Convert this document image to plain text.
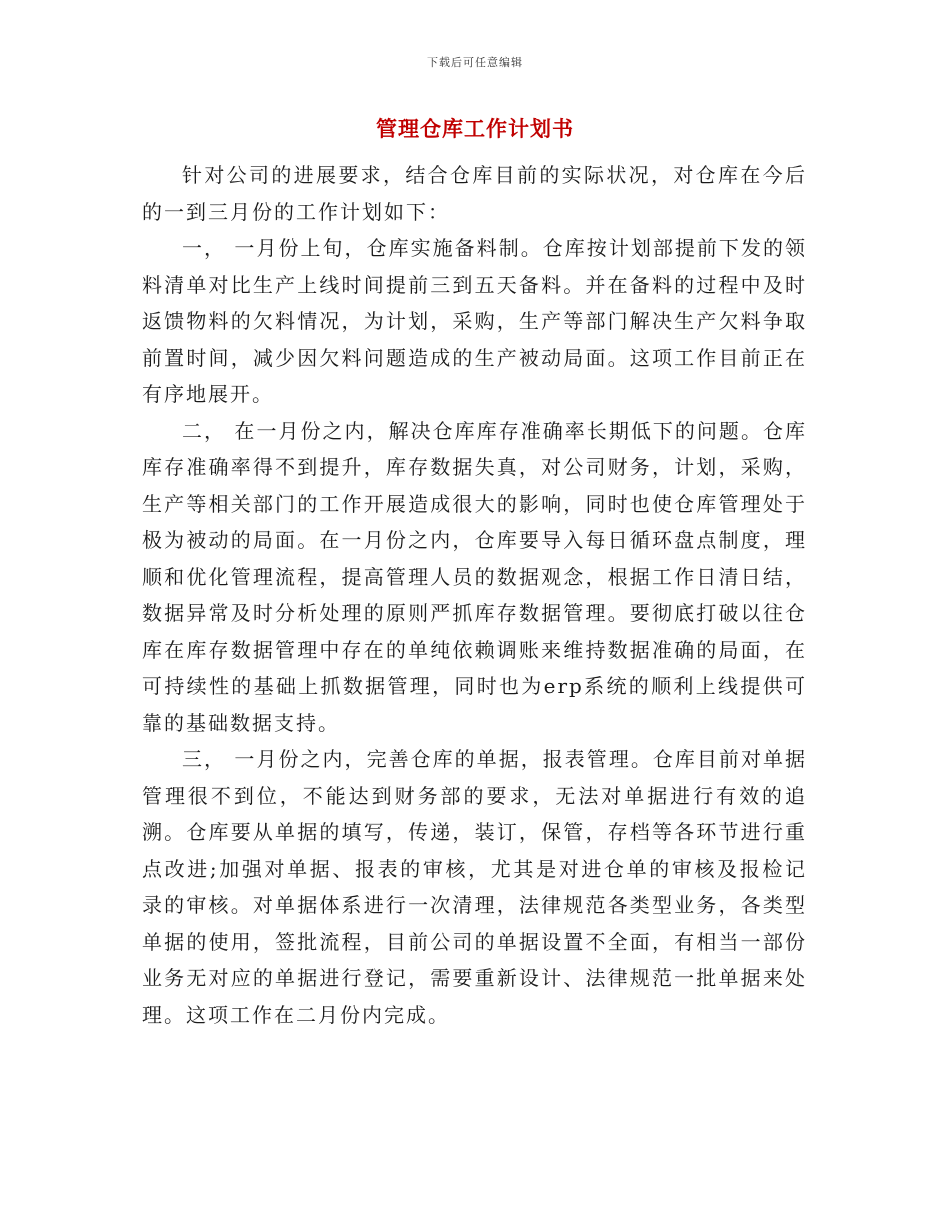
下载后可任意编辑
管理仓库工作计划书

针对公司的进展要求，结合仓库目前的实际状况，对仓库在今后的一到三月份的工作计划如下：

一， 一月份上旬，仓库实施备料制。仓库按计划部提前下发的领料清单对比生产上线时间提前三到五天备料。并在备料的过程中及时返馈物料的欠料情况，为计划，采购，生产等部门解决生产欠料争取前置时间，减少因欠料问题造成的生产被动局面。这项工作目前正在有序地展开。

二， 在一月份之内，解决仓库库存准确率长期低下的问题。仓库库存准确率得不到提升，库存数据失真，对公司财务，计划，采购，生产等相关部门的工作开展造成很大的影响，同时也使仓库管理处于极为被动的局面。在一月份之内，仓库要导入每日循环盘点制度，理顺和优化管理流程，提高管理人员的数据观念，根据工作日清日结，数据异常及时分析处理的原则严抓库存数据管理。要彻底打破以往仓库在库存数据管理中存在的单纯依赖调账来维持数据准确的局面，在可持续性的基础上抓数据管理，同时也为erp系统的顺利上线提供可靠的基础数据支持。

三， 一月份之内，完善仓库的单据，报表管理。仓库目前对单据管理很不到位，不能达到财务部的要求，无法对单据进行有效的追溯。仓库要从单据的填写，传递，装订，保管，存档等各环节进行重点改进;加强对单据、报表的审核，尤其是对进仓单的审核及报检记录的审核。对单据体系进行一次清理，法律规范各类型业务，各类型单据的使用，签批流程，目前公司的单据设置不全面，有相当一部份业务无对应的单据进行登记，需要重新设计、法律规范一批单据来处理。这项工作在二月份内完成。
